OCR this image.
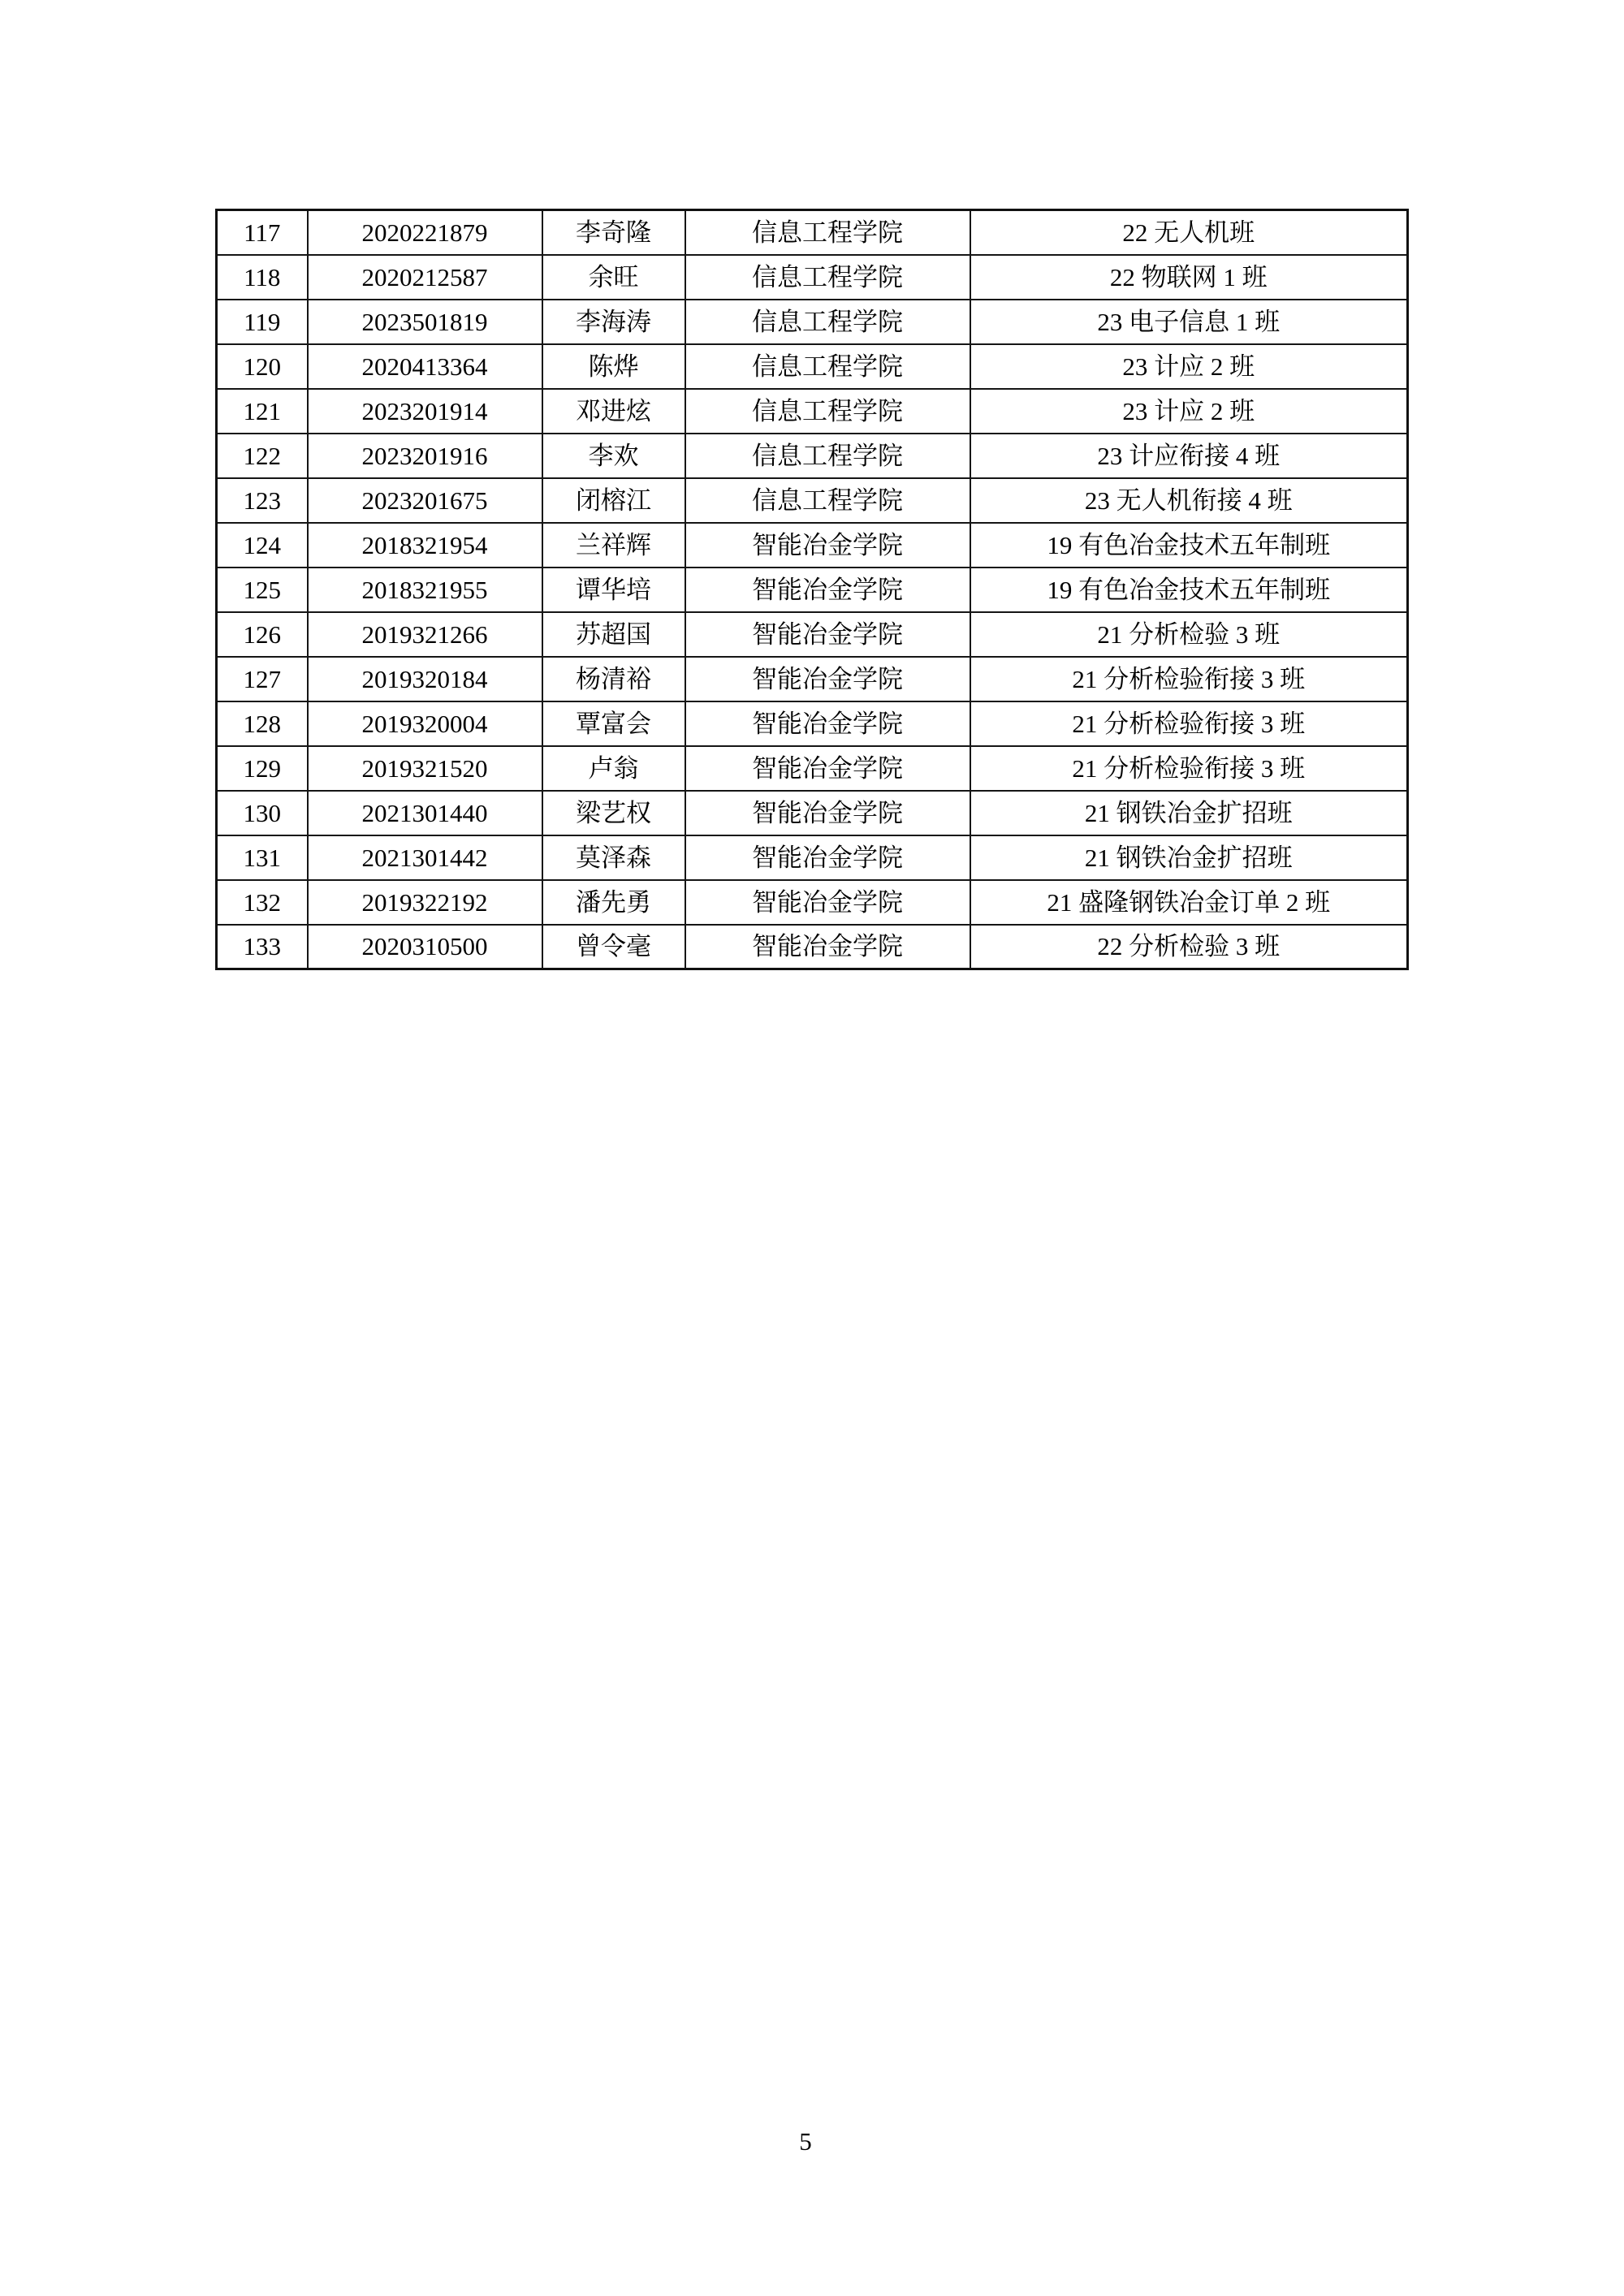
117	2020221879	李奇隆	信息工程学院	22 无人机班
118	2020212587	余旺	信息工程学院	22 物联网 1 班
119	2023501819	李海涛	信息工程学院	23 电子信息 1 班
120	2020413364	陈烨	信息工程学院	23 计应 2 班
121	2023201914	邓进炫	信息工程学院	23 计应 2 班
122	2023201916	李欢	信息工程学院	23 计应衔接 4 班
123	2023201675	闭榕江	信息工程学院	23 无人机衔接 4 班
124	2018321954	兰祥辉	智能冶金学院	19 有色冶金技术五年制班
125	2018321955	谭华培	智能冶金学院	19 有色冶金技术五年制班
126	2019321266	苏超国	智能冶金学院	21 分析检验 3 班
127	2019320184	杨清裕	智能冶金学院	21 分析检验衔接 3 班
128	2019320004	覃富会	智能冶金学院	21 分析检验衔接 3 班
129	2019321520	卢翁	智能冶金学院	21 分析检验衔接 3 班
130	2021301440	梁艺权	智能冶金学院	21 钢铁冶金扩招班
131	2021301442	莫泽森	智能冶金学院	21 钢铁冶金扩招班
132	2019322192	潘先勇	智能冶金学院	21 盛隆钢铁冶金订单 2 班
133	2020310500	曾令毫	智能冶金学院	22 分析检验 3 班
5
